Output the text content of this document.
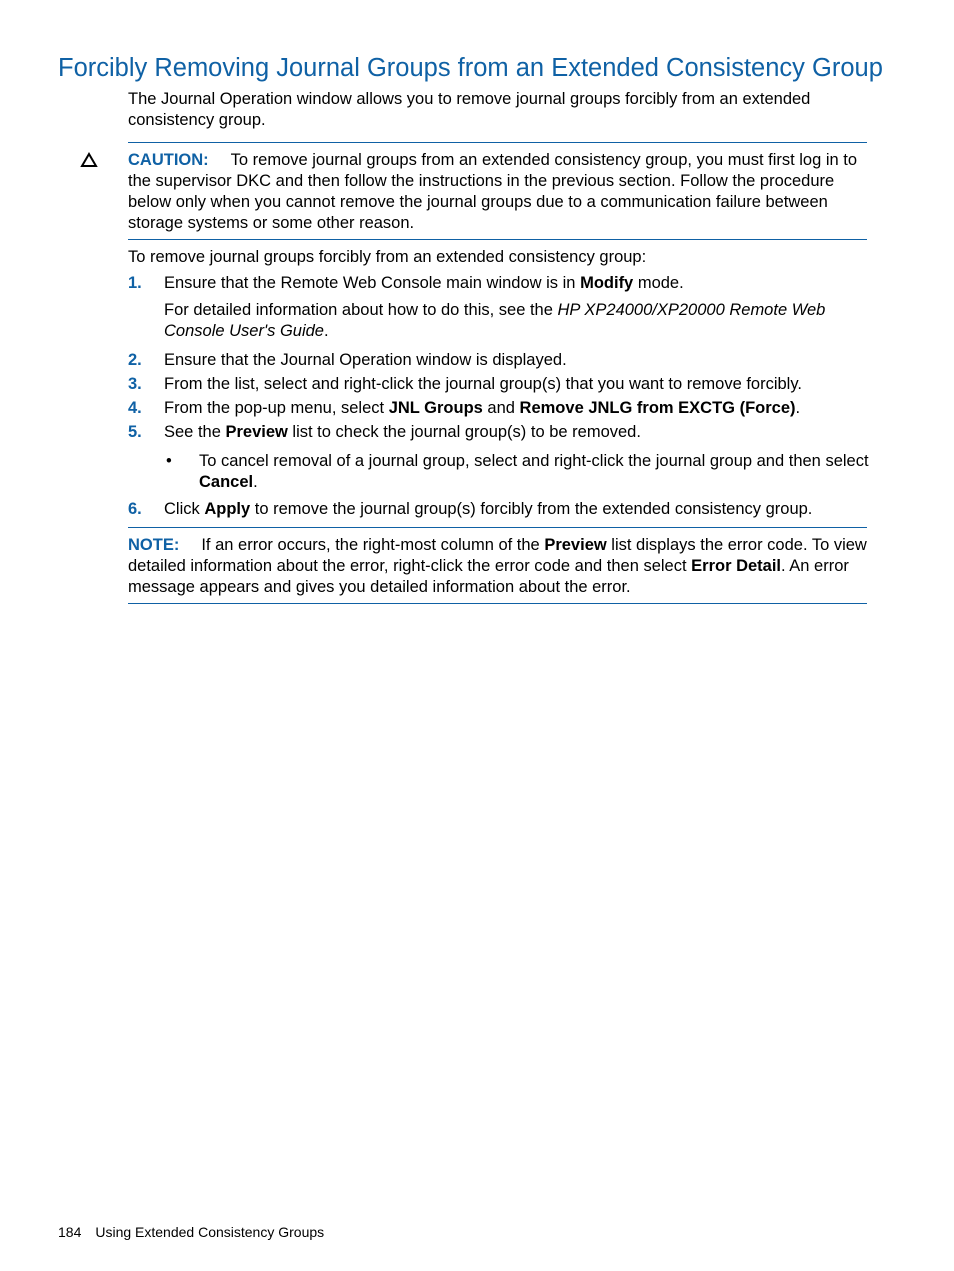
Forcibly Removing Journal Groups from an Extended Consistency Group

The Journal Operation window allows you to remove journal groups forcibly from an extended consistency group.

CAUTION: To remove journal groups from an extended consistency group, you must first log in to the supervisor DKC and then follow the instructions in the previous section. Follow the procedure below only when you cannot remove the journal groups due to a communication failure between storage systems or some other reason.

To remove journal groups forcibly from an extended consistency group:

1. Ensure that the Remote Web Console main window is in Modify mode.
For detailed information about how to do this, see the HP XP24000/XP20000 Remote Web Console User's Guide.
2. Ensure that the Journal Operation window is displayed.
3. From the list, select and right-click the journal group(s) that you want to remove forcibly.
4. From the pop-up menu, select JNL Groups and Remove JNLG from EXCTG (Force).
5. See the Preview list to check the journal group(s) to be removed.
• To cancel removal of a journal group, select and right-click the journal group and then select Cancel.
6. Click Apply to remove the journal group(s) forcibly from the extended consistency group.

NOTE: If an error occurs, the right-most column of the Preview list displays the error code. To view detailed information about the error, right-click the error code and then select Error Detail. An error message appears and gives you detailed information about the error.

184 Using Extended Consistency Groups
